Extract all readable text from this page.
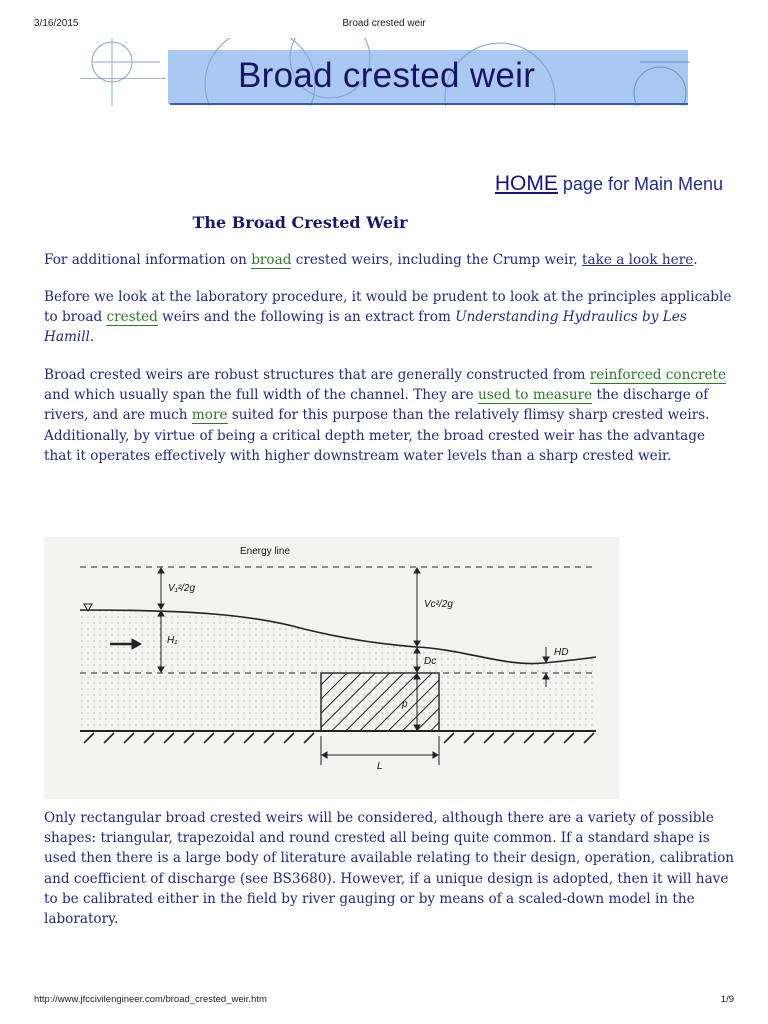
3/16/2015	Broad crested weir
Broad crested weir
HOME page for Main Menu
The Broad Crested Weir

For additional information on broad crested weirs, including the Crump weir, take a look here.

Before we look at the laboratory procedure, it would be prudent to look at the principles applicable to broad crested weirs and the following is an extract from Understanding Hydraulics by Les Hamill.

Broad crested weirs are robust structures that are generally constructed from reinforced concrete and which usually span the full width of the channel. They are used to measure the discharge of rivers, and are much more suited for this purpose than the relatively flimsy sharp crested weirs. Additionally, by virtue of being a critical depth meter, the broad crested weir has the advantage that it operates effectively with higher downstream water levels than a sharp crested weir.

Energy line
V₁²/2g
H₁
Vc²/2g
Dc
HD
p
L

Only rectangular broad crested weirs will be considered, although there are a variety of possible shapes: triangular, trapezoidal and round crested all being quite common. If a standard shape is used then there is a large body of literature available relating to their design, operation, calibration and coefficient of discharge (see BS3680). However, if a unique design is adopted, then it will have to be calibrated either in the field by river gauging or by means of a scaled-down model in the laboratory.

http://www.jfccivilengineer.com/broad_crested_weir.htm	1/9
